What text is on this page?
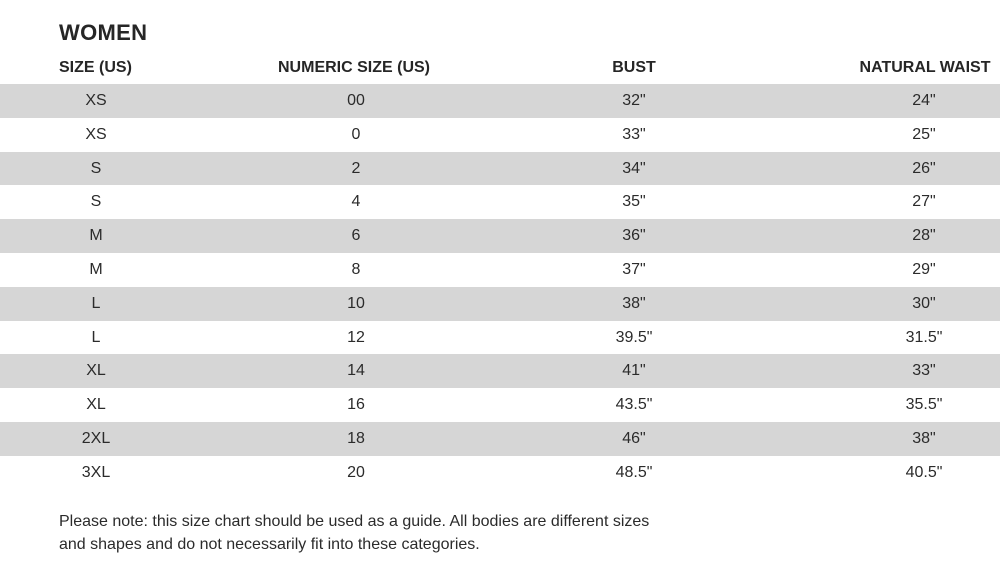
WOMEN
SIZE (US)	NUMERIC SIZE (US)	BUST	NATURAL WAIST
XS	00	32"	24"
XS	0	33"	25"
S	2	34"	26"
S	4	35"	27"
M	6	36"	28"
M	8	37"	29"
L	10	38"	30"
L	12	39.5"	31.5"
XL	14	41"	33"
XL	16	43.5"	35.5"
2XL	18	46"	38"
3XL	20	48.5"	40.5"
Please note: this size chart should be used as a guide. All bodies are different sizes
and shapes and do not necessarily fit into these categories.
